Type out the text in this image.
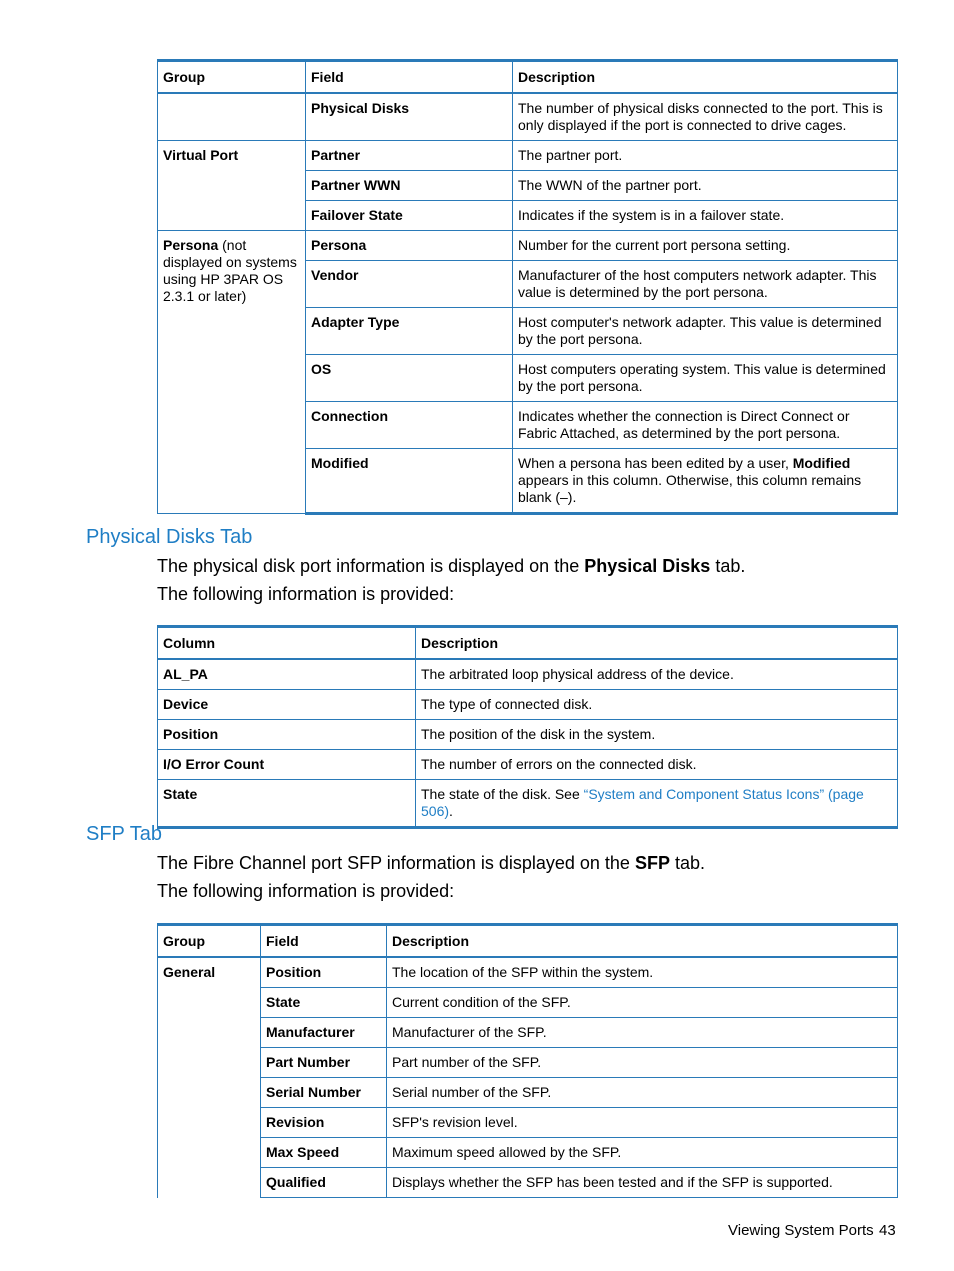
Group	Field	Description
	Physical Disks	The number of physical disks connected to the port. This is only displayed if the port is connected to drive cages.
Virtual Port	Partner	The partner port.
	Partner WWN	The WWN of the partner port.
	Failover State	Indicates if the system is in a failover state.
Persona (not displayed on systems using HP 3PAR OS 2.3.1 or later)	Persona	Number for the current port persona setting.
	Vendor	Manufacturer of the host computers network adapter. This value is determined by the port persona.
	Adapter Type	Host computer's network adapter. This value is determined by the port persona.
	OS	Host computers operating system. This value is determined by the port persona.
	Connection	Indicates whether the connection is Direct Connect or Fabric Attached, as determined by the port persona.
	Modified	When a persona has been edited by a user, Modified appears in this column. Otherwise, this column remains blank (–).
Physical Disks Tab
The physical disk port information is displayed on the Physical Disks tab.
The following information is provided:
Column	Description
AL_PA	The arbitrated loop physical address of the device.
Device	The type of connected disk.
Position	The position of the disk in the system.
I/O Error Count	The number of errors on the connected disk.
State	The state of the disk. See “System and Component Status Icons” (page 506).
SFP Tab
The Fibre Channel port SFP information is displayed on the SFP tab.
The following information is provided:
Group	Field	Description
General	Position	The location of the SFP within the system.
	State	Current condition of the SFP.
	Manufacturer	Manufacturer of the SFP.
	Part Number	Part number of the SFP.
	Serial Number	Serial number of the SFP.
	Revision	SFP's revision level.
	Max Speed	Maximum speed allowed by the SFP.
	Qualified	Displays whether the SFP has been tested and if the SFP is supported.
Viewing System Ports 43
